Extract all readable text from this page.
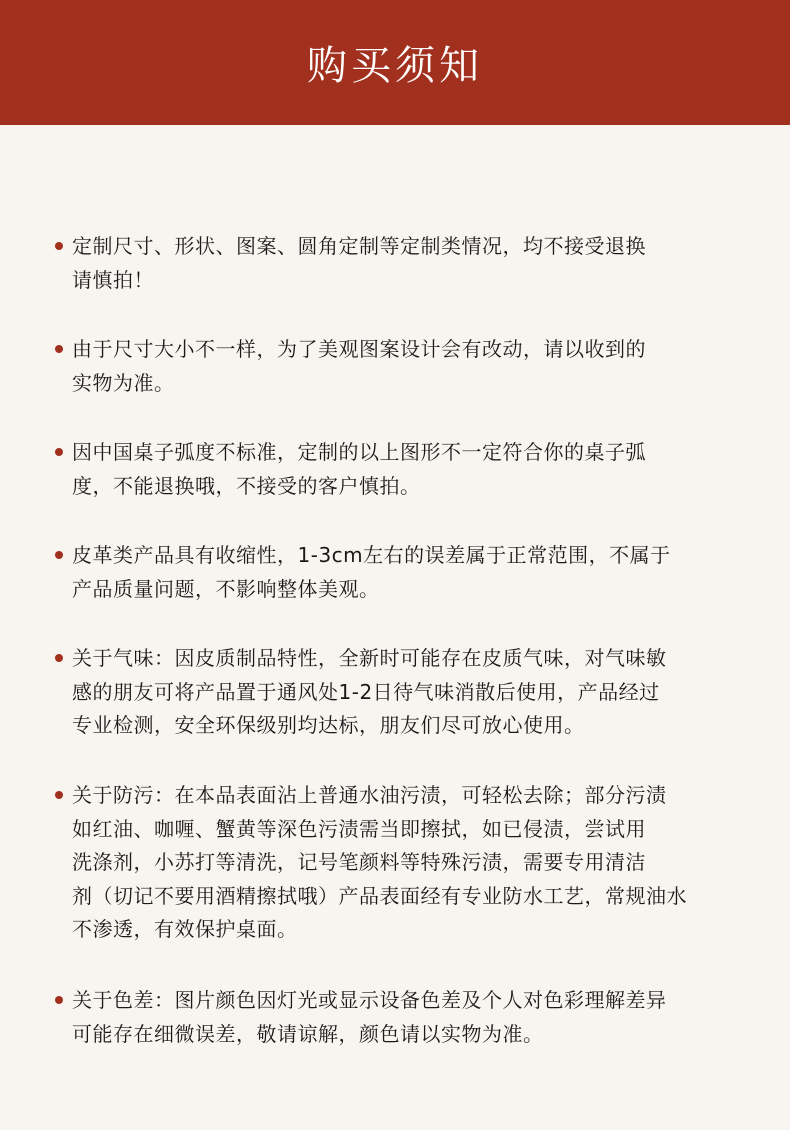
购买须知
定制尺寸、形状、图案、圆角定制等定制类情况，均不接受退换
请慎拍！
由于尺寸大小不一样，为了美观图案设计会有改动，请以收到的
实物为准。
因中国桌子弧度不标准，定制的以上图形不一定符合你的桌子弧
度，不能退换哦，不接受的客户慎拍。
皮革类产品具有收缩性，1-3cm左右的误差属于正常范围，不属于
产品质量问题，不影响整体美观。
关于气味：因皮质制品特性，全新时可能存在皮质气味，对气味敏
感的朋友可将产品置于通风处1-2日待气味消散后使用，产品经过
专业检测，安全环保级别均达标，朋友们尽可放心使用。
关于防污：在本品表面沾上普通水油污渍，可轻松去除；部分污渍
如红油、咖喱、蟹黄等深色污渍需当即擦拭，如已侵渍，尝试用
洗涤剂，小苏打等清洗，记号笔颜料等特殊污渍，需要专用清洁
剂（切记不要用酒精擦拭哦）产品表面经有专业防水工艺，常规油水
不渗透，有效保护桌面。
关于色差：图片颜色因灯光或显示设备色差及个人对色彩理解差异
可能存在细微误差，敬请谅解，颜色请以实物为准。
